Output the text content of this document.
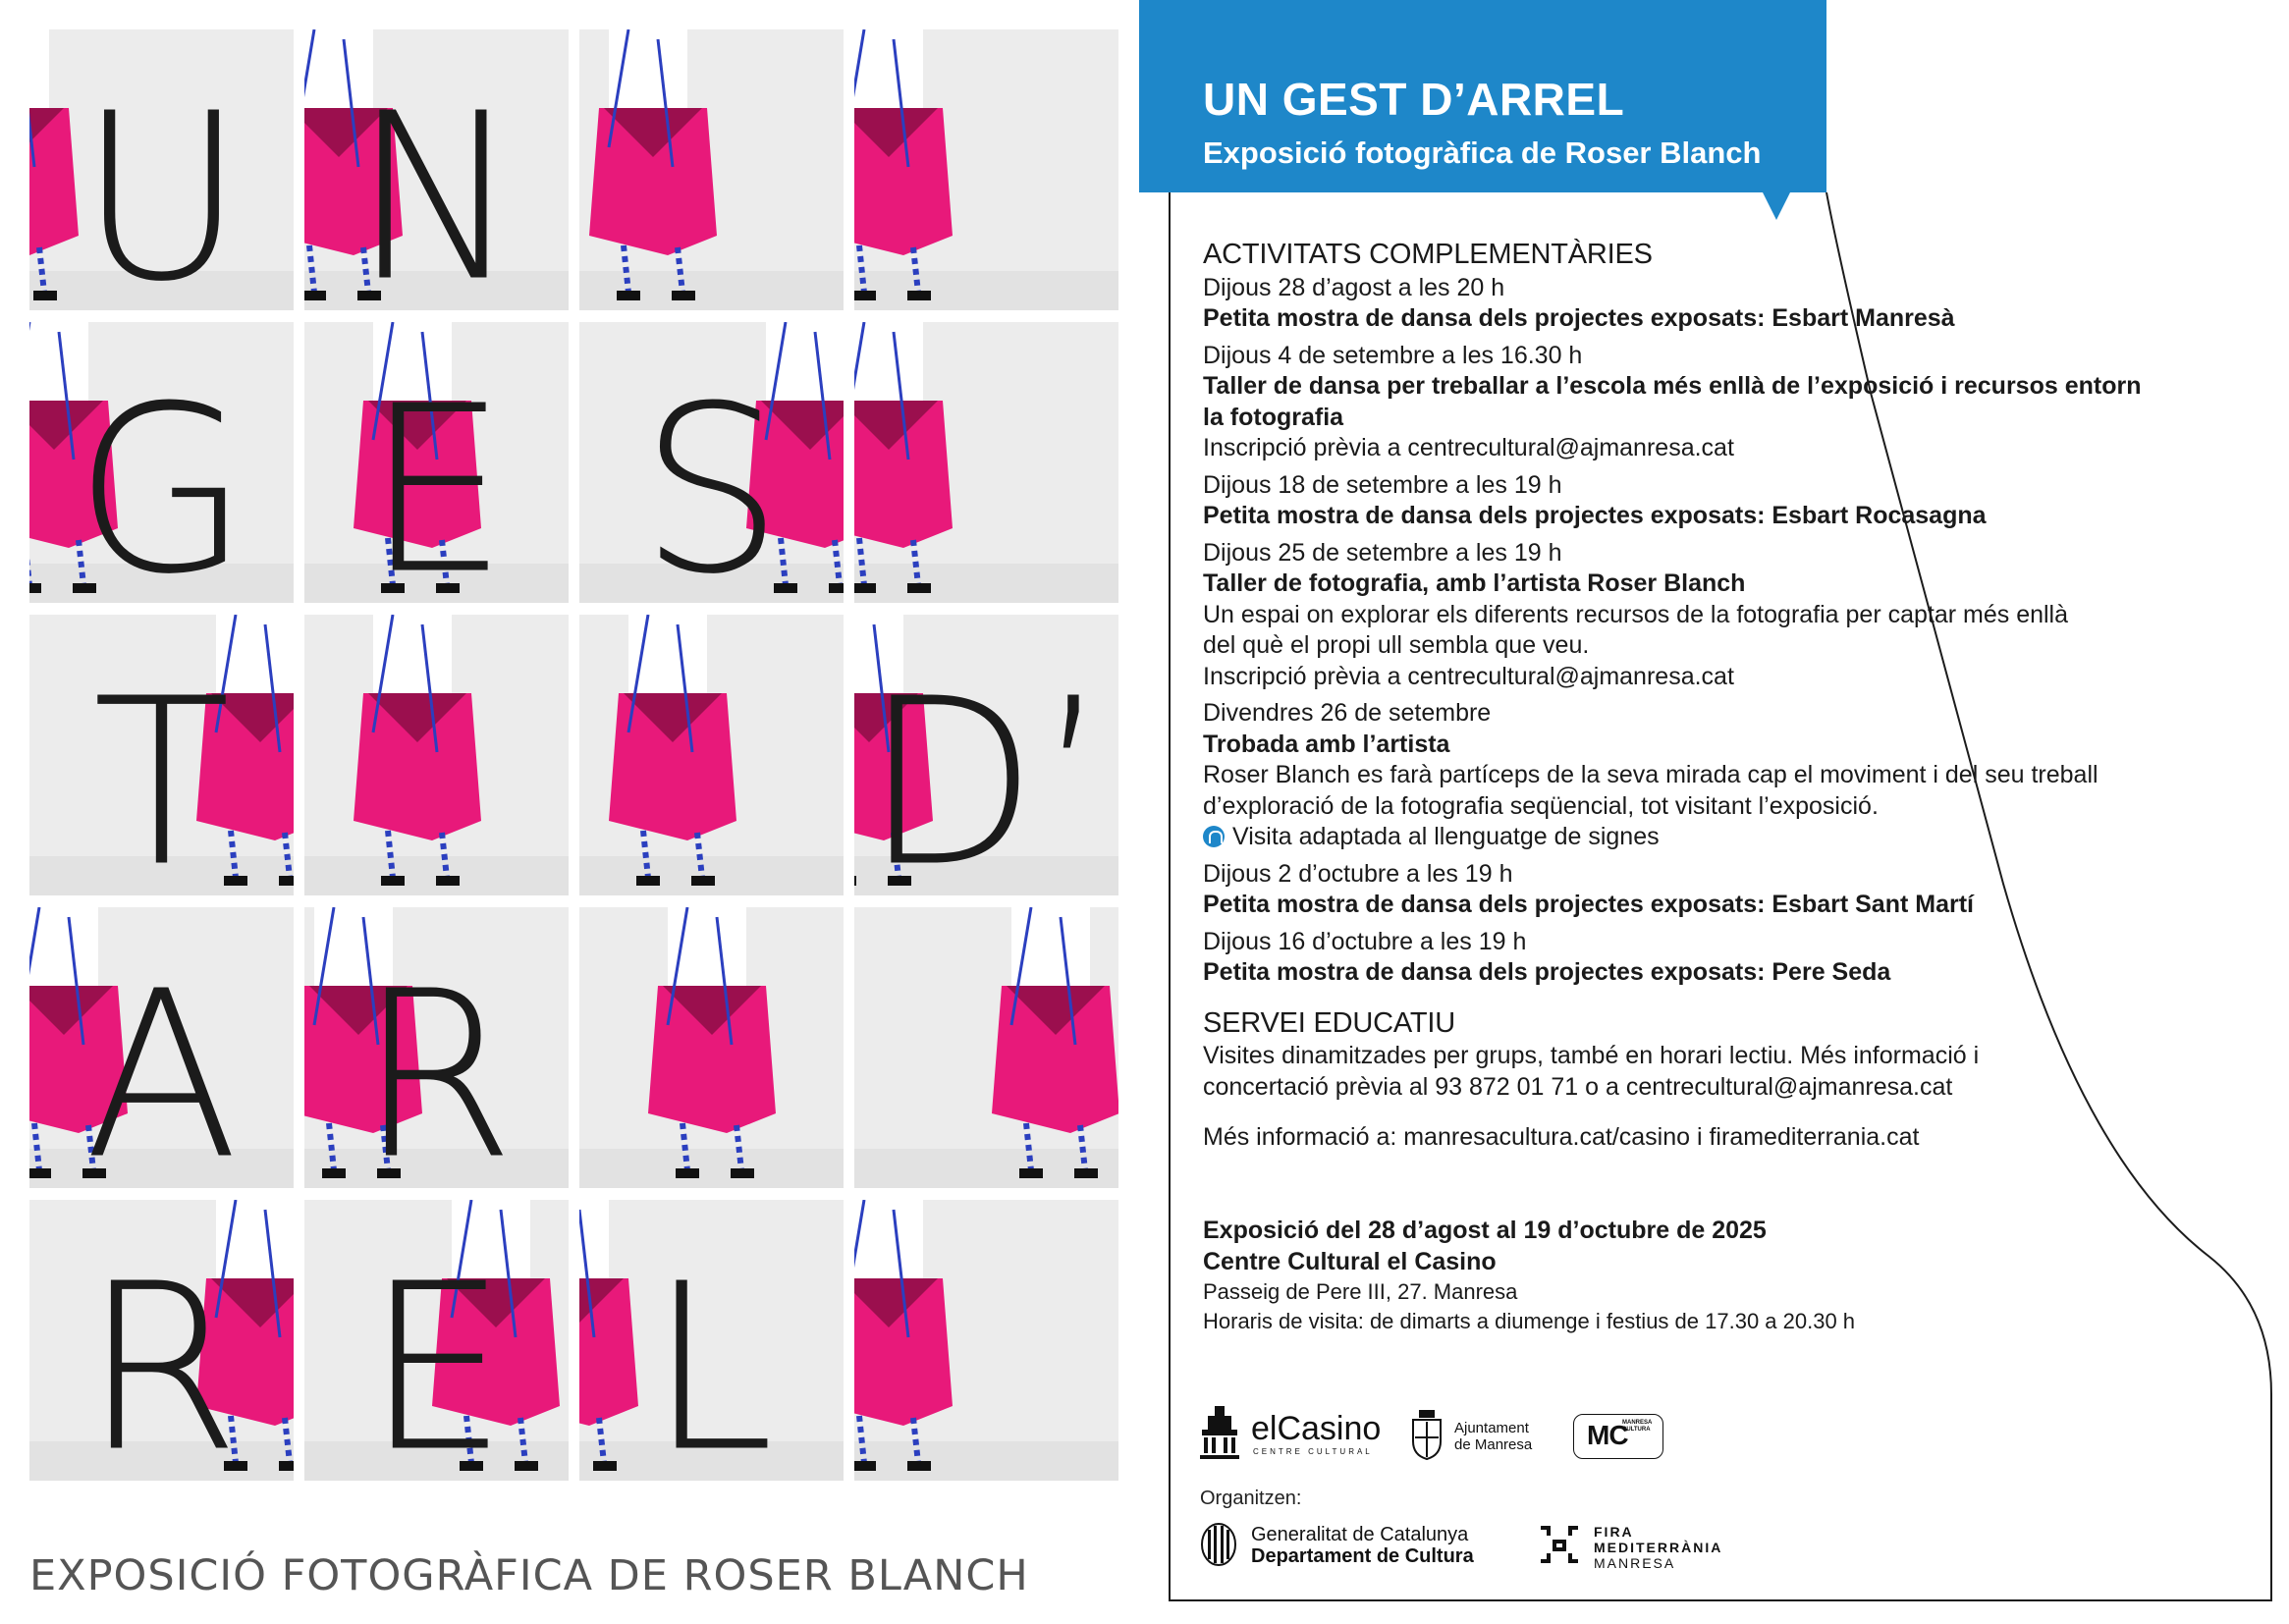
U N
G E S
T	D’
A R
R E L
EXPOSICIÓ FOTOGRÀFICA DE ROSER BLANCH
UN GEST D’ARREL
Exposició fotogràfica de Roser Blanch
ACTIVITATS COMPLEMENTÀRIES

Dijous 28 d’agost a les 20 h

Petita mostra de dansa dels projectes exposats: Esbart Manresà

Dijous 4 de setembre a les 16.30 h

Taller de dansa per treballar a l’escola més enllà de l’exposició i recursos entorn

la fotografia

Inscripció prèvia a centrecultural@ajmanresa.cat

Dijous 18 de setembre a les 19 h

Petita mostra de dansa dels projectes exposats: Esbart Rocasagna

Dijous 25 de setembre a les 19 h

Taller de fotografia, amb l’artista Roser Blanch

Un espai on explorar els diferents recursos de la fotografia per captar més enllà

del què el propi ull sembla que veu.

Inscripció prèvia a centrecultural@ajmanresa.cat

Divendres 26 de setembre

Trobada amb l’artista

Roser Blanch es farà partíceps de la seva mirada cap el moviment i del seu treball

d’exploració de la fotografia seqüencial, tot visitant l’exposició.

Visita adaptada al llenguatge de signes

Dijous 2 d’octubre a les 19 h

Petita mostra de dansa dels projectes exposats: Esbart Sant Martí

Dijous 16 d’octubre a les 19 h

Petita mostra de dansa dels projectes exposats: Pere Seda

SERVEI EDUCATIU

Visites dinamitzades per grups, també en horari lectiu. Més informació i

concertació prèvia al 93 872 01 71 o a centrecultural@ajmanresa.cat

Més informació a: manresacultura.cat/casino i firamediterrania.cat

Exposició del 28 d’agost al 19 d’octubre de 2025

Centre Cultural el Casino

Passeig de Pere III, 27. Manresa

Horaris de visita: de dimarts a diumenge i festius de 17.30 a 20.30 h

elCasino
CENTRE CULTURAL
Ajuntament
de Manresa MC
MANRESA
CULTURA
Organitzen:
Generalitat de Catalunya
Departament de Cultura
FIRA
MEDITERRÀNIA
MANRESA
